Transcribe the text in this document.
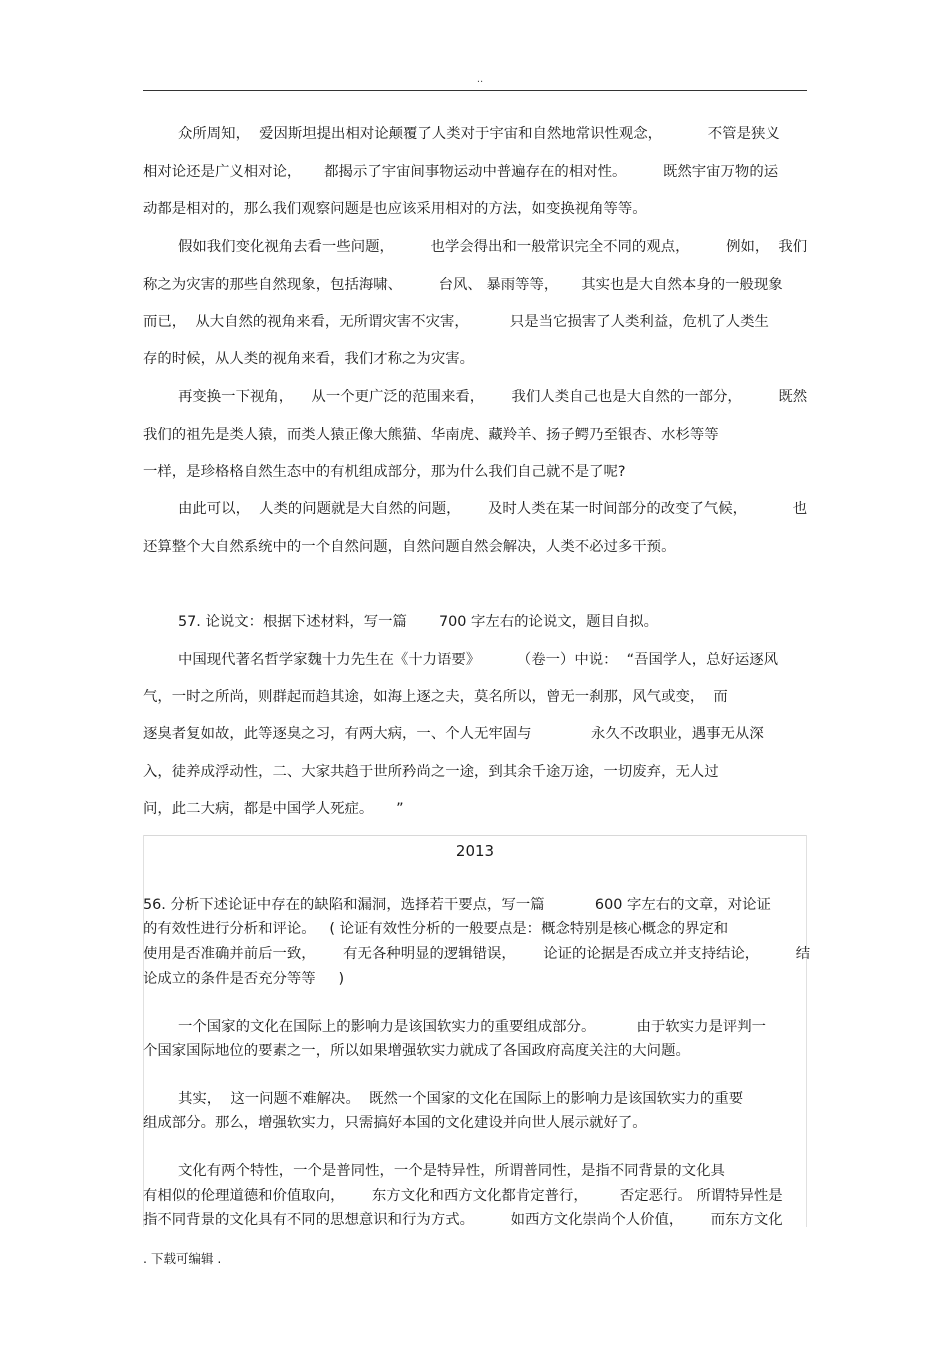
..
众所周知，  爱因斯坦提出相对论颠覆了人类对于宇宙和自然地常识性观念，          不管是狭义
相对论还是广义相对论，     都揭示了宇宙间事物运动中普遍存在的相对性。        既然宇宙万物的运
动都是相对的，那么我们观察问题是也应该采用相对的方法，如变换视角等等。
假如我们变化视角去看一些问题，        也学会得出和一般常识完全不同的观点，        例如，  我们
称之为灾害的那些自然现象，包括海啸、        台风、 暴雨等等，     其实也是大自然本身的一般现象
而已，  从大自然的视角来看，无所谓灾害不灾害，         只是当它损害了人类利益，危机了人类生
存的时候，从人类的视角来看，我们才称之为灾害。
再变换一下视角，    从一个更广泛的范围来看，      我们人类自己也是大自然的一部分，        既然
我们的祖先是类人猿，而类人猿正像大熊猫、华南虎、藏羚羊、扬子鳄乃至银杏、水杉等等
一样，是珍格格自然生态中的有机组成部分，那为什么我们自己就不是了呢?
由此可以，  人类的问题就是大自然的问题，      及时人类在某一时间部分的改变了气候，          也
还算整个大自然系统中的一个自然问题，自然问题自然会解决，人类不必过多干预。
57. 论说文：根据下述材料，写一篇       700 字左右的论说文，题目自拟。
中国现代著名哲学家魏十力先生在《十力语要》        （卷一）中说：  “吾国学人，总好运逐风
气，一时之所尚，则群起而趋其途，如海上逐之夫，莫名所以，曾无一刹那，风气或变，  而
逐臭者复如故，此等逐臭之习，有两大病，一、个人无牢固与             永久不改职业，遇事无从深
入，徒养成浮动性，二、大家共趋于世所矜尚之一途，到其余千途万途，一切废弃，无人过
问，此二大病，都是中国学人死症。     ”
2013
56. 分析下述论证中存在的缺陷和漏洞，选择若干要点，写一篇           600 字左右的文章，对论证
的有效性进行分析和评论。   ( 论证有效性分析的一般要点是：概念特别是核心概念的界定和
使用是否准确并前后一致，      有无各种明显的逻辑错误，      论证的论据是否成立并支持结论，        结
论成立的条件是否充分等等     )
一个国家的文化在国际上的影响力是该国软实力的重要组成部分。         由于软实力是评判一
个国家国际地位的要素之一，所以如果增强软实力就成了各国政府高度关注的大问题。
其实，  这一问题不难解决。  既然一个国家的文化在国际上的影响力是该国软实力的重要
组成部分。那么，增强软实力，只需搞好本国的文化建设并向世人展示就好了。
文化有两个特性，一个是普同性，一个是特异性，所谓普同性，是指不同背景的文化具
有相似的伦理道德和价值取向，      东方文化和西方文化都肯定普行，       否定恶行。 所谓特异性是
指不同背景的文化具有不同的思想意识和行为方式。        如西方文化崇尚个人价值，      而东方文化
. 下载可编辑 .
